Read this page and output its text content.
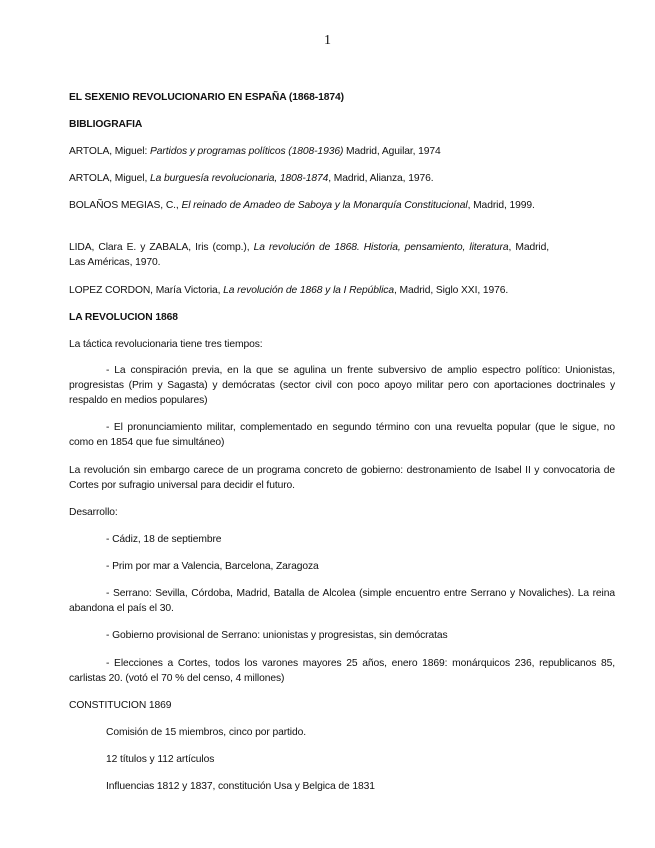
1

EL SEXENIO REVOLUCIONARIO EN ESPAÑA (1868-1874)

BIBLIOGRAFIA

ARTOLA, Miguel: Partidos y programas políticos (1808-1936) Madrid, Aguilar, 1974

ARTOLA, Miguel, La burguesía revolucionaria, 1808-1874, Madrid, Alianza, 1976.

BOLAÑOS MEGIAS, C., El reinado de Amadeo de Saboya y la Monarquía Constitucional, Madrid, 1999.

LIDA, Clara E. y ZABALA, Iris (comp.), La revolución de 1868. Historia, pensamiento, literatura, Madrid, Las Américas, 1970.

LOPEZ CORDON, María Victoria, La revolución de 1868 y la I República, Madrid, Siglo XXI, 1976.

LA REVOLUCION 1868

La táctica revolucionaria tiene tres tiempos:

- La conspiración previa, en la que se agulina un frente subversivo de amplio espectro político: Unionistas, progresistas (Prim y Sagasta) y demócratas (sector civil con poco apoyo militar pero con aportaciones doctrinales y respaldo en medios populares)

- El pronunciamiento militar, complementado en segundo término con una revuelta popular (que le sigue, no como en 1854 que fue simultáneo)

La revolución sin embargo carece de un programa concreto de gobierno: destronamiento de Isabel II y convocatoria de Cortes por sufragio universal para decidir el futuro.

Desarrollo:

- Cádiz, 18 de septiembre

- Prim por mar a Valencia, Barcelona, Zaragoza

- Serrano: Sevilla, Córdoba, Madrid, Batalla de Alcolea (simple encuentro entre Serrano y Novaliches). La reina abandona el país el 30.

- Gobierno provisional de Serrano: unionistas y progresistas, sin demócratas

- Elecciones a Cortes, todos los varones mayores 25 años, enero 1869: monárquicos 236, republicanos 85, carlistas 20. (votó el 70 % del censo, 4 millones)

CONSTITUCION 1869

Comisión de 15 miembros, cinco por partido.

12 títulos y 112 artículos

Influencias 1812 y 1837, constitución Usa y Belgica de 1831
